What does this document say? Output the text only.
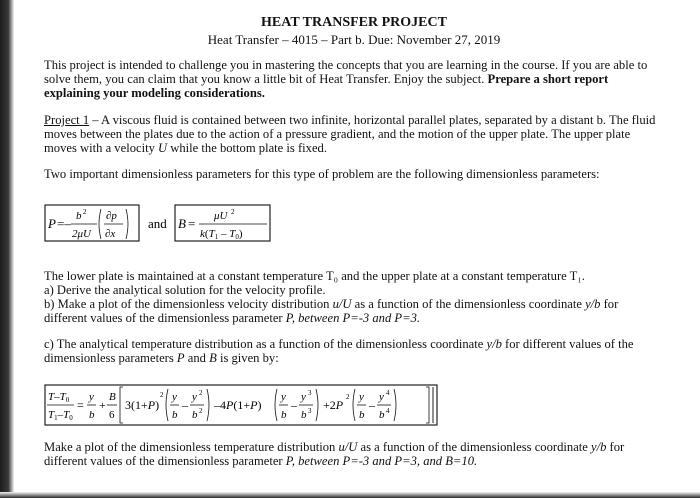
HEAT TRANSFER PROJECT

Heat Transfer – 4015 – Part b. Due: November 27, 2019

This project is intended to challenge you in mastering the concepts that you are learning in the course. If you are able to solve them, you can claim that you know a little bit of Heat Transfer. Enjoy the subject. Prepare a short report explaining your modeling considerations.

Project 1 – A viscous fluid is contained between two infinite, horizontal parallel plates, separated by a distant b. The fluid moves between the plates due to the action of a pressure gradient, and the motion of the upper plate. The upper plate moves with a velocity U while the bottom plate is fixed.

Two important dimensionless parameters for this type of problem are the following dimensionless parameters:

P =– b 2
2μU
∂p
∂x
and B = μU 2
k(T1 – T0)

The lower plate is maintained at a constant temperature T₀ and the upper plate at a constant temperature T₁.

a) Derive the analytical solution for the velocity profile.

b) Make a plot of the dimensionless velocity distribution u/U as a function of the dimensionless coordinate y/b for different values of the dimensionless parameter P, between P=-3 and P=3.

c) The analytical temperature distribution as a function of the dimensionless coordinate y/b for different values of the dimensionless parameters P and B is given by:

T–T0
T1–T0
=
y
b
+
B
6
3(1+P)
2 y
b
–
y 2
b 2 –4P(1+P)
y
b
–
y 3
b 3 +2P
2 y
b
–
y 4
b 4

Make a plot of the dimensionless temperature distribution u/U as a function of the dimensionless coordinate y/b for different values of the dimensionless parameter P, between P=-3 and P=3, and B=10.
